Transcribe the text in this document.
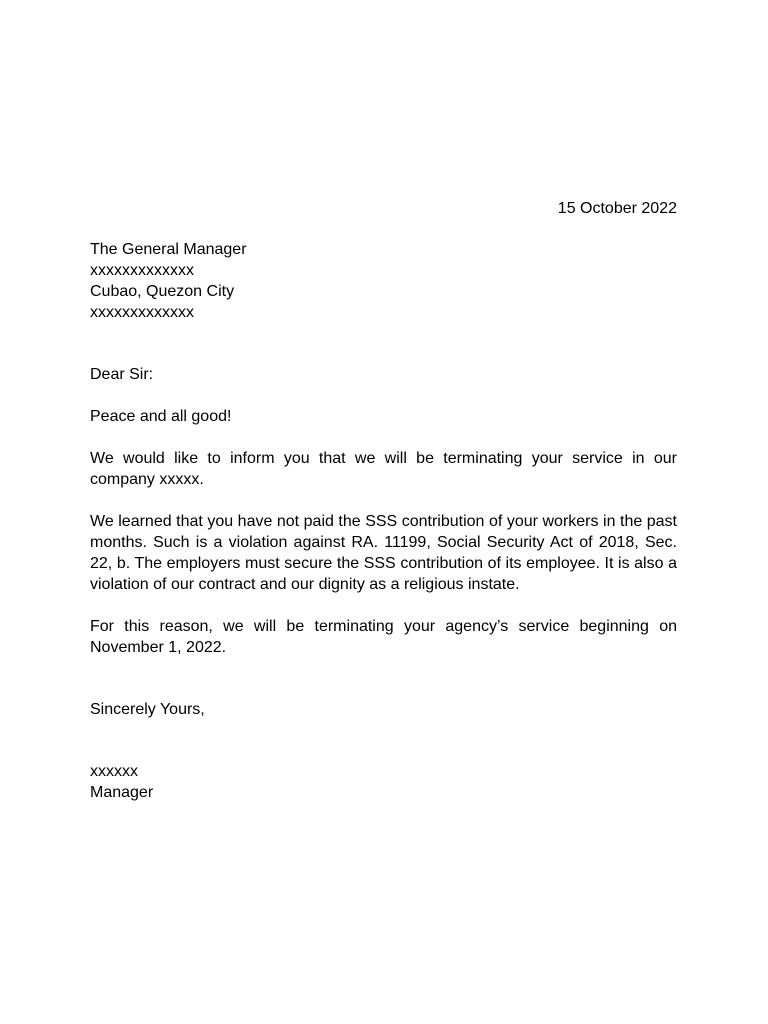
15 October 2022

The General Manager
xxxxxxxxxxxxx
Cubao, Quezon City
xxxxxxxxxxxxx

Dear Sir:

Peace and all good!

We would like to inform you that we will be terminating your service in our company xxxxx.

We learned that you have not paid the SSS contribution of your workers in the past months. Such is a violation against RA. 11199, Social Security Act of 2018, Sec. 22, b. The employers must secure the SSS contribution of its employee. It is also a violation of our contract and our dignity as a religious instate.

For this reason, we will be terminating your agency’s service beginning on November 1, 2022.

Sincerely Yours,

xxxxxx
Manager
